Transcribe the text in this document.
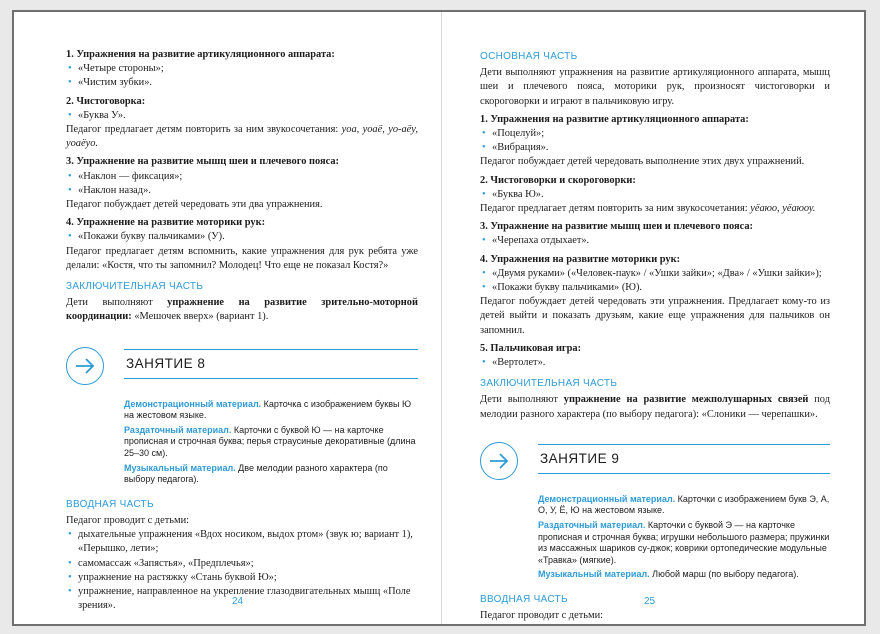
1. Упражнения на развитие артикуляционного аппарата:
• «Четыре стороны»;
• «Чистим зубки».
2. Чистоговорка:
• «Буква У».
Педагог предлагает детям повторить за ним звукосочетания: уоа, уоаё, уо-аёу, уоаёуо.
3. Упражнение на развитие мышц шеи и плечевого пояса:
• «Наклон — фиксация»;
• «Наклон назад».
Педагог побуждает детей чередовать эти два упражнения.
4. Упражнение на развитие моторики рук:
• «Покажи букву пальчиками» (У).
Педагог предлагает детям вспомнить, какие упражнения для рук ребята уже делали: «Костя, что ты запомнил? Молодец! Что еще не показал Костя?»
ЗАКЛЮЧИТЕЛЬНАЯ ЧАСТЬ
Дети выполняют упражнение на развитие зрительно-моторной координации: «Мешочек вверх» (вариант 1).
ЗАНЯТИЕ 8
Демонстрационный материал. Карточка с изображением буквы Ю на жестовом языке.
Раздаточный материал. Карточки с буквой Ю — на карточке прописная и строчная буква; перья страусиные декоративные (длина 25–30 см).
Музыкальный материал. Две мелодии разного характера (по выбору педагога).
ВВОДНАЯ ЧАСТЬ
Педагог проводит с детьми:
• дыхательные упражнения «Вдох носиком, выдох ртом» (звук ю; вариант 1), «Перышко, лети»;
• самомассаж «Запястья», «Предплечья»;
• упражнение на растяжку «Стань буквой Ю»;
• упражнение, направленное на укрепление глазодвигательных мышц «Поле зрения».	24
ОСНОВНАЯ ЧАСТЬ
Дети выполняют упражнения на развитие артикуляционного аппарата, мышц шеи и плечевого пояса, моторики рук, произносят чистоговорки и скороговорки и играют в пальчиковую игру.
1. Упражнения на развитие артикуляционного аппарата:
• «Поцелуй»;
• «Вибрация».
Педагог побуждает детей чередовать выполнение этих двух упражнений.
2. Чистоговорки и скороговорки:
• «Буква Ю».
Педагог предлагает детям повторить за ним звукосочетания: уёаюо, уёаюоу.
3. Упражнение на развитие мышц шеи и плечевого пояса:
• «Черепаха отдыхает».
4. Упражнения на развитие моторики рук:
• «Двумя руками» («Человек-паук» / «Ушки зайки»; «Два» / «Ушки зайки»);
• «Покажи букву пальчиками» (Ю).
Педагог побуждает детей чередовать эти упражнения. Предлагает кому-то из детей выйти и показать друзьям, какие еще упражнения для пальчиков он запомнил.
5. Пальчиковая игра:
• «Вертолет».
ЗАКЛЮЧИТЕЛЬНАЯ ЧАСТЬ
Дети выполняют упражнение на развитие межполушарных связей под мелодии разного характера (по выбору педагога): «Слоники — черепашки».
ЗАНЯТИЕ 9
Демонстрационный материал. Карточки с изображением букв Э, А, О, У, Ё, Ю на жестовом языке.
Раздаточный материал. Карточки с буквой Э — на карточке прописная и строчная буква; игрушки небольшого размера; пружинки из массажных шариков су-джок; коврики ортопедические модульные «Травка» (мягкие).
Музыкальный материал. Любой марш (по выбору педагога).
ВВОДНАЯ ЧАСТЬ
Педагог проводит с детьми:
25
